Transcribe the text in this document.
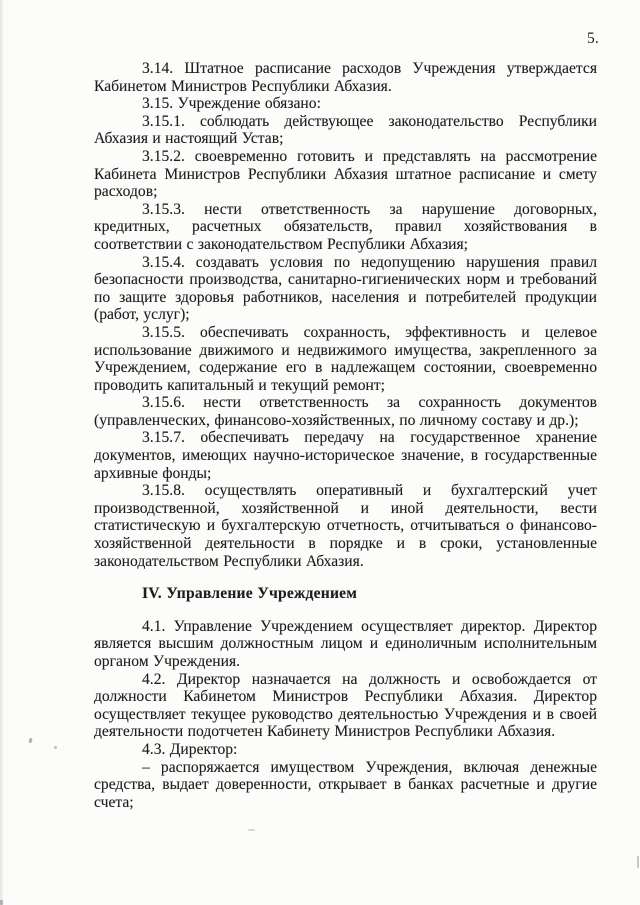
5.

3.14. Штатное расписание расходов Учреждения утверждается Кабинетом Министров Республики Абхазия.

3.15. Учреждение обязано:

3.15.1. соблюдать действующее законодательство Республики Абхазия и настоящий Устав;

3.15.2. своевременно готовить и представлять на рассмотрение Кабинета Министров Республики Абхазия штатное расписание и смету расходов;

3.15.3. нести ответственность за нарушение договорных, кредитных, расчетных обязательств, правил хозяйствования в соответствии с законодательством Республики Абхазия;

3.15.4. создавать условия по недопущению нарушения правил безопасности производства, санитарно-гигиенических норм и требований по защите здоровья работников, населения и потребителей продукции (работ, услуг);

3.15.5. обеспечивать сохранность, эффективность и целевое использование движимого и недвижимого имущества, закрепленного за Учреждением, содержание его в надлежащем состоянии, своевременно проводить капитальный и текущий ремонт;

3.15.6. нести ответственность за сохранность документов (управленческих, финансово-хозяйственных, по личному составу и др.);

3.15.7. обеспечивать передачу на государственное хранение документов, имеющих научно-историческое значение, в государственные архивные фонды;

3.15.8. осуществлять оперативный и бухгалтерский учет производственной, хозяйственной и иной деятельности, вести статистическую и бухгалтерскую отчетность, отчитываться о финансово-хозяйственной деятельности в порядке и в сроки, установленные законодательством Республики Абхазия.

IV. Управление Учреждением

4.1. Управление Учреждением осуществляет директор. Директор является высшим должностным лицом и единоличным исполнительным органом Учреждения.

4.2. Директор назначается на должность и освобождается от должности Кабинетом Министров Республики Абхазия. Директор осуществляет текущее руководство деятельностью Учреждения и в своей деятельности подотчетен Кабинету Министров Республики Абхазия.

4.3. Директор:

– распоряжается имуществом Учреждения, включая денежные средства, выдает доверенности, открывает в банках расчетные и другие счета;
